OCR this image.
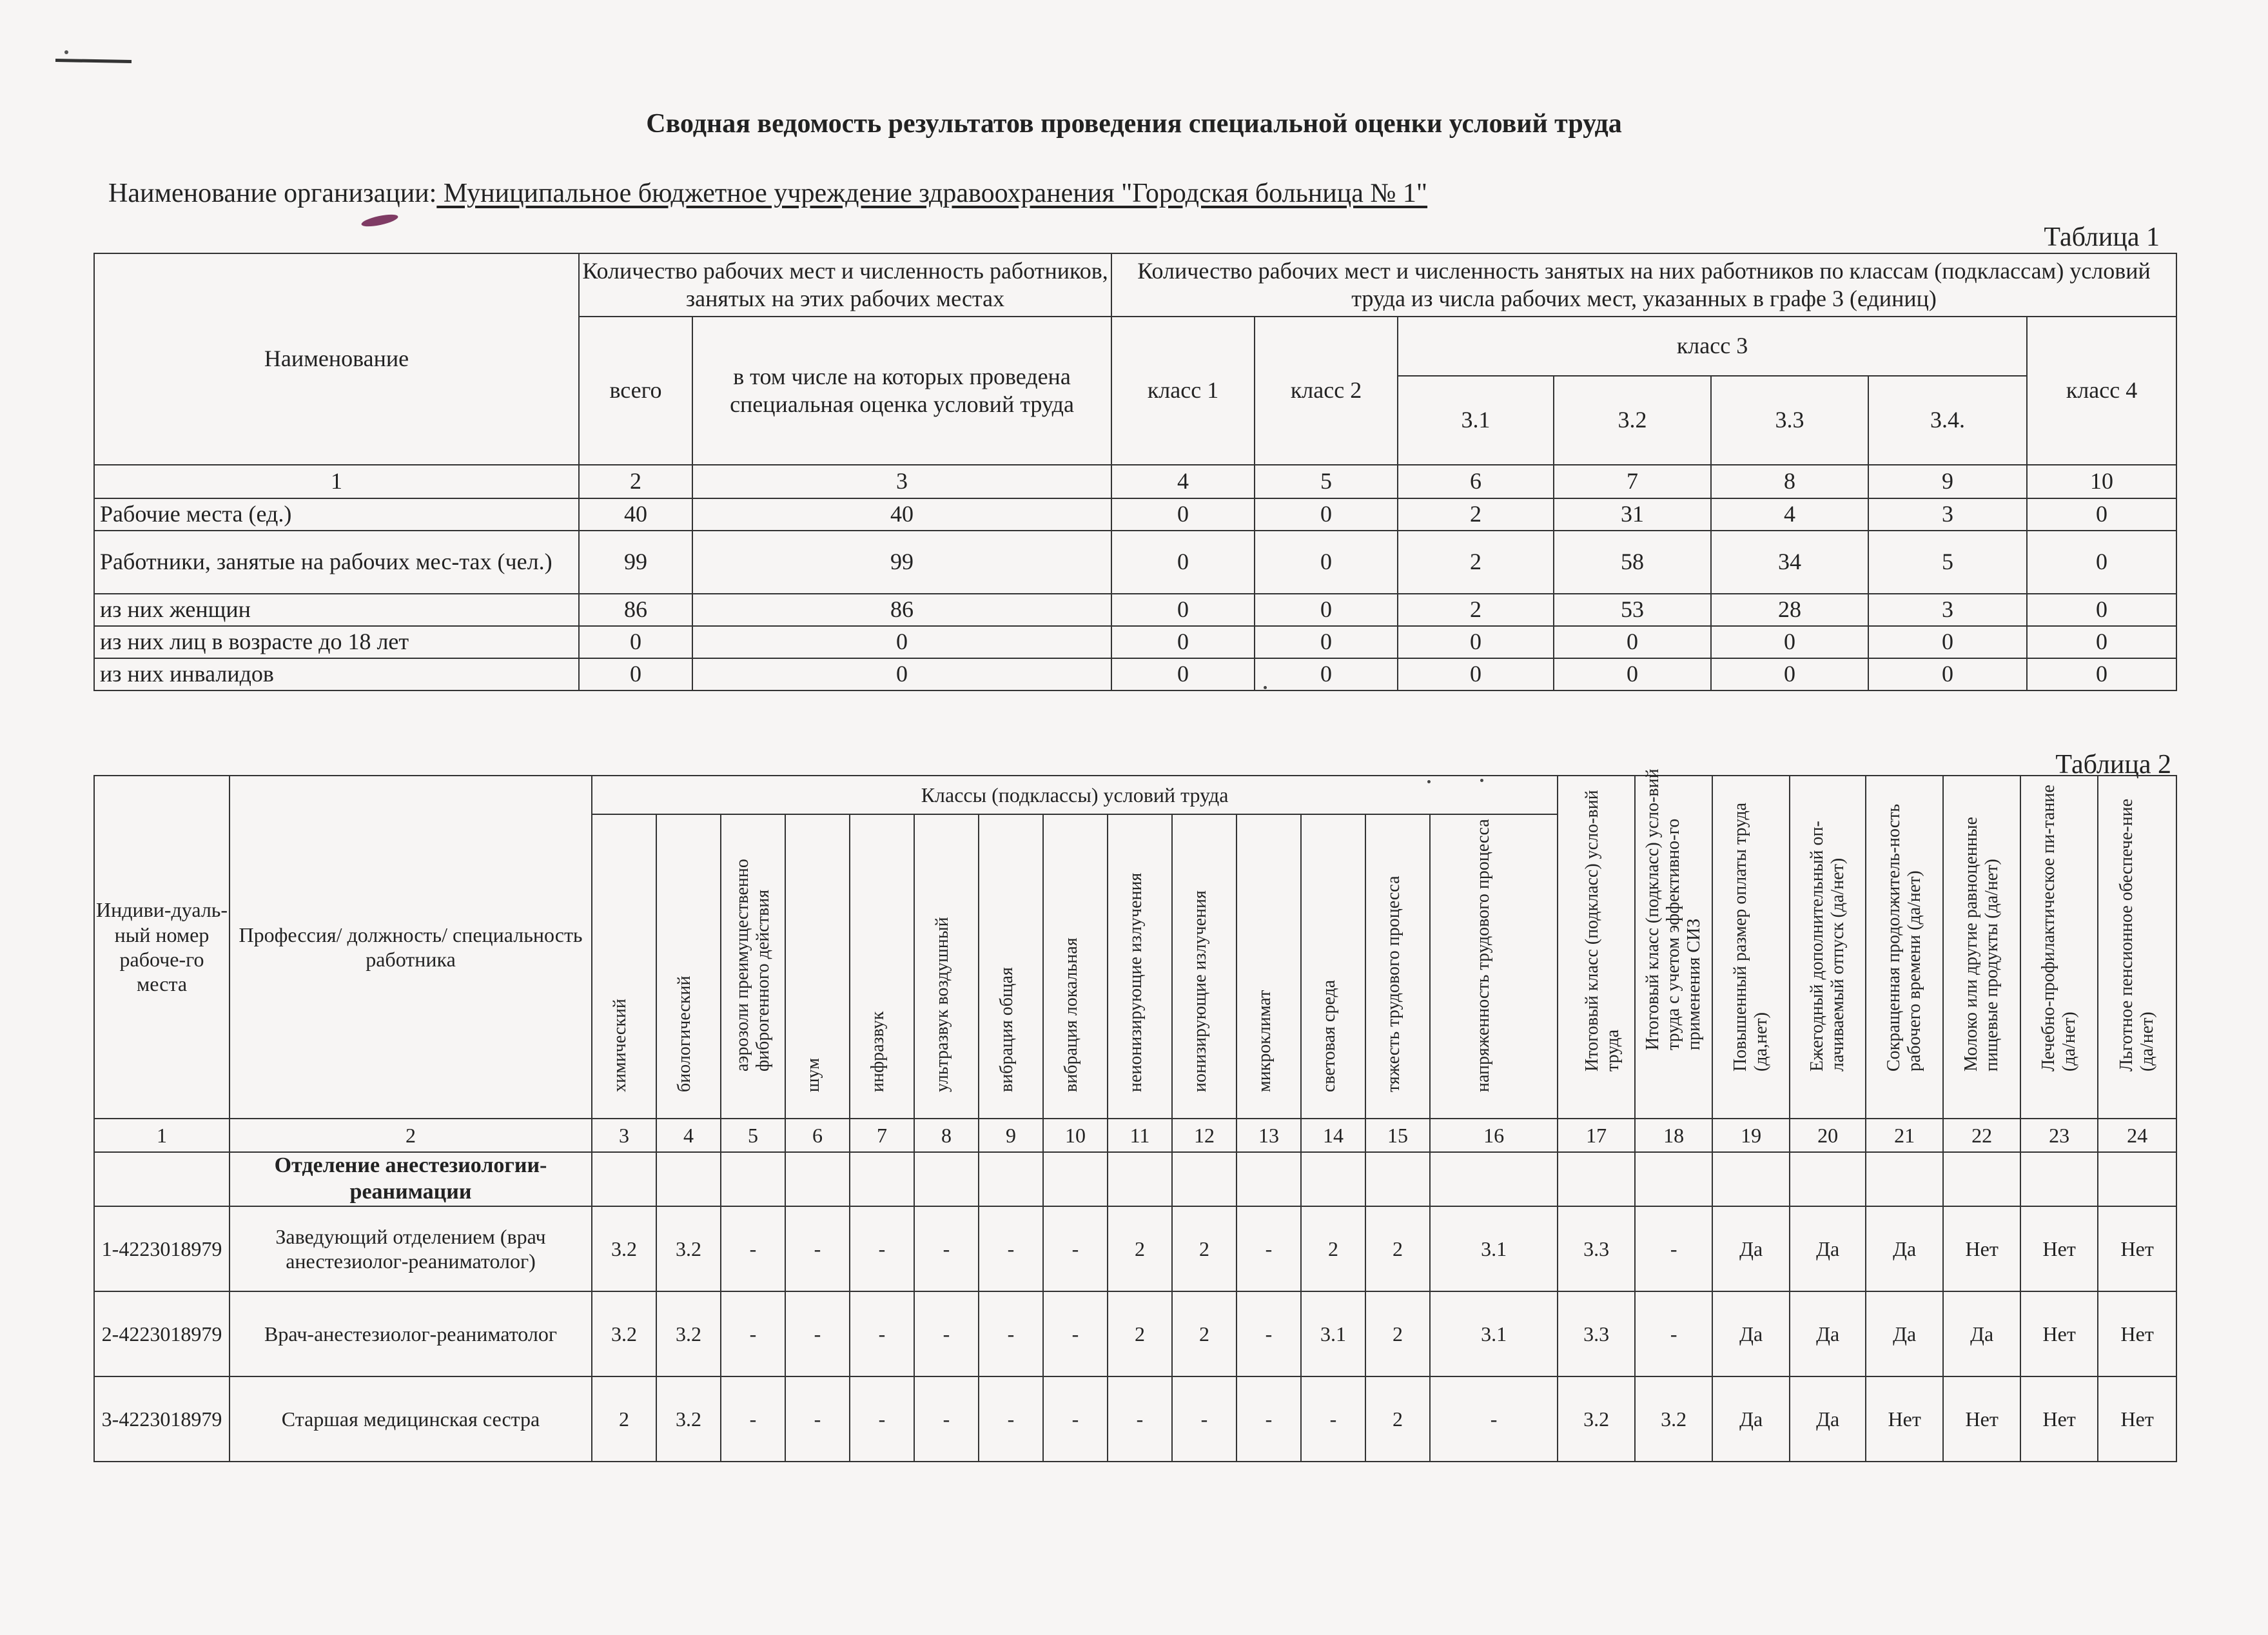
Сводная ведомость результатов проведения специальной оценки условий труда
Наименование организации: Муниципальное бюджетное учреждение здравоохранения "Городская больница № 1"
Таблица 1
Наименование	Количество рабочих мест и численность работников, занятых на этих рабочих местах		Количество рабочих мест и численность занятых на них работников по классам (подклассам) условий труда из числа рабочих мест, указанных в графе 3 (единиц)						
	всего	в том числе на которых проведена специальная оценка условий труда	класс 1	класс 2	класс 3				класс 4
					3.1	3.2	3.3	3.4.	
1	2	3	4	5	6	7	8	9	10
Рабочие места (ед.)	40	40	0	0	2	31	4	3	0
Работники, занятые на рабочих мес-тах (чел.)	99	99	0	0	2	58	34	5	0
из них женщин	86	86	0	0	2	53	28	3	0
из них лиц в возрасте до 18 лет	0	0	0	0	0	0	0	0	0
из них инвалидов	0	0	0	0	0	0	0	0	0
Таблица 2
Индиви-дуаль-ный номер рабоче-го места	Профессия/ должность/ специальность работника	Классы (подклассы) условий труда														Итоговый класс (подкласс) усло-вий труда	Итоговый класс (подкласс) усло-вий труда с учетом эффективно-го применения СИЗ	Повышенный размер оплаты труда (да,нет)	Ежегодный дополнительный оп-лачиваемый отпуск (да/нет)	Сокращенная продолжитель-ность рабочего времени (да/нет)	Молоко или другие равноценные пищевые продукты (да/нет)	Лечебно-профилактическое пи-тание (да/нет)	Льготное пенсионное обеспече-ние (да/нет)

		химический	биологический	аэрозоли преимущественно фиброгенного действия	шум	инфразвук	ультразвук воздушный	вибрация общая	вибрация локальная	неионизирующие излучения	ионизирующие излучения	микроклимат	световая среда	тяжесть трудового процесса	напряженность трудового процесса								

1	2	3	4	5	6	7	8	9	10	11	12	13	14	15	16	17	18	19	20	21	22	23	24
	Отделение анестезиологии-реанимации																						
1-4223018979	Заведующий отделением (врач анестезиолог-реаниматолог)	3.2	3.2	-	-	-	-	-	-	2	2	-	2	2	3.1	3.3	-	Да	Да	Да	Нет	Нет	Нет
2-4223018979	Врач-анестезиолог-реаниматолог	3.2	3.2	-	-	-	-	-	-	2	2	-	3.1	2	3.1	3.3	-	Да	Да	Да	Да	Нет	Нет
3-4223018979	Старшая медицинская сестра	2	3.2	-	-	-	-	-	-	-	-	-	-	2	-	3.2	3.2	Да	Да	Нет	Нет	Нет	Нет
